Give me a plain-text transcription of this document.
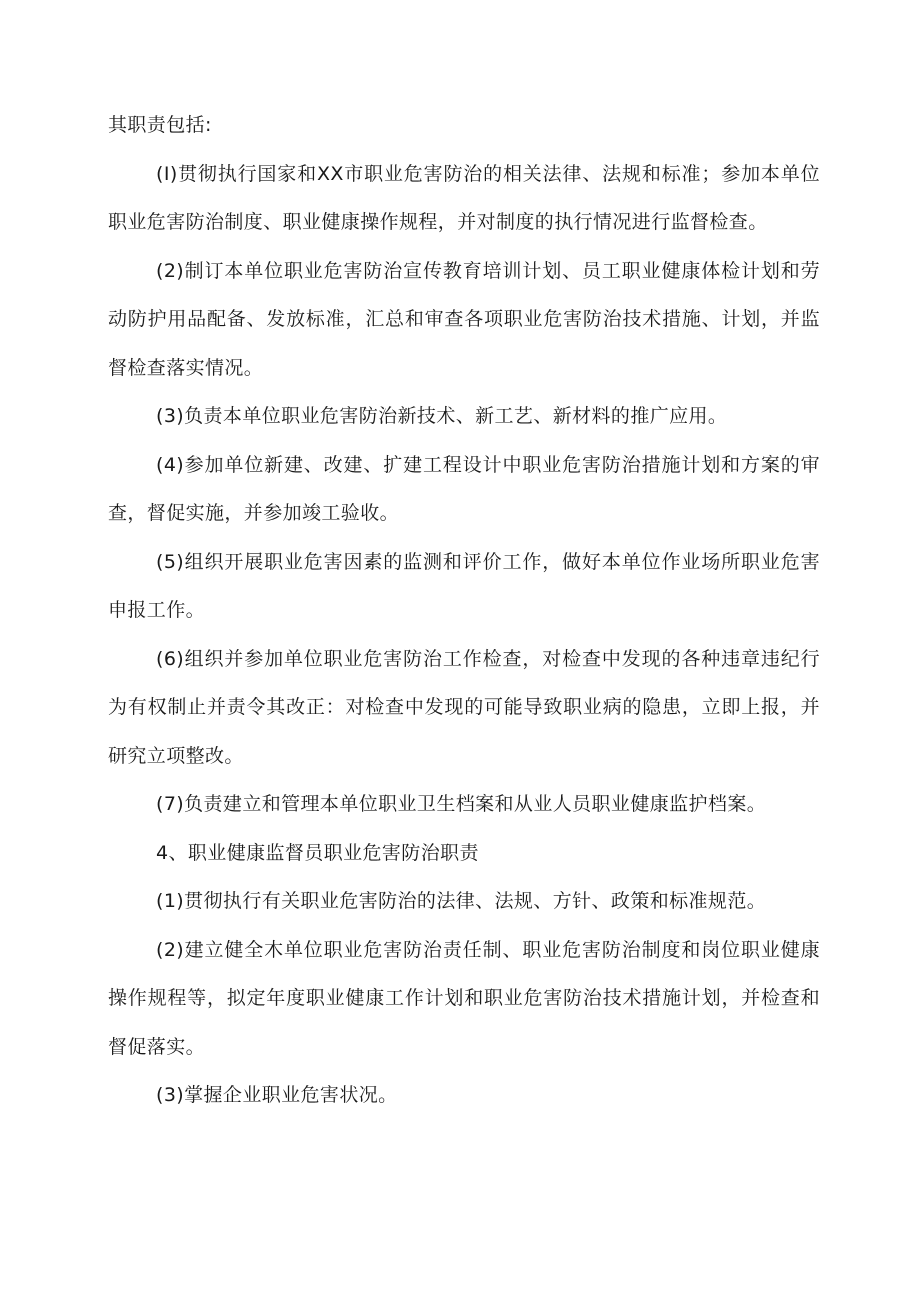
其职责包括:

(I)贯彻执行国家和XX市职业危害防治的相关法律、法规和标准；参加本单位职业危害防治制度、职业健康操作规程，并对制度的执行情况进行监督检查。

(2)制订本单位职业危害防治宣传教育培训计划、员工职业健康体检计划和劳动防护用品配备、发放标准，汇总和审查各项职业危害防治技术措施、计划，并监督检查落实情况。

(3)负责本单位职业危害防治新技术、新工艺、新材料的推广应用。

(4)参加单位新建、改建、扩建工程设计中职业危害防治措施计划和方案的审查，督促实施，并参加竣工验收。

(5)组织开展职业危害因素的监测和评价工作，做好本单位作业场所职业危害申报工作。

(6)组织并参加单位职业危害防治工作检查，对检查中发现的各种违章违纪行为有权制止并责令其改正：对检查中发现的可能导致职业病的隐患，立即上报，并研究立项整改。

(7)负责建立和管理本单位职业卫生档案和从业人员职业健康监护档案。

4、职业健康监督员职业危害防治职责

(1)贯彻执行有关职业危害防治的法律、法规、方针、政策和标准规范。

(2)建立健全木单位职业危害防治责任制、职业危害防治制度和岗位职业健康操作规程等，拟定年度职业健康工作计划和职业危害防治技术措施计划，并检查和督促落实。

(3)掌握企业职业危害状况。
